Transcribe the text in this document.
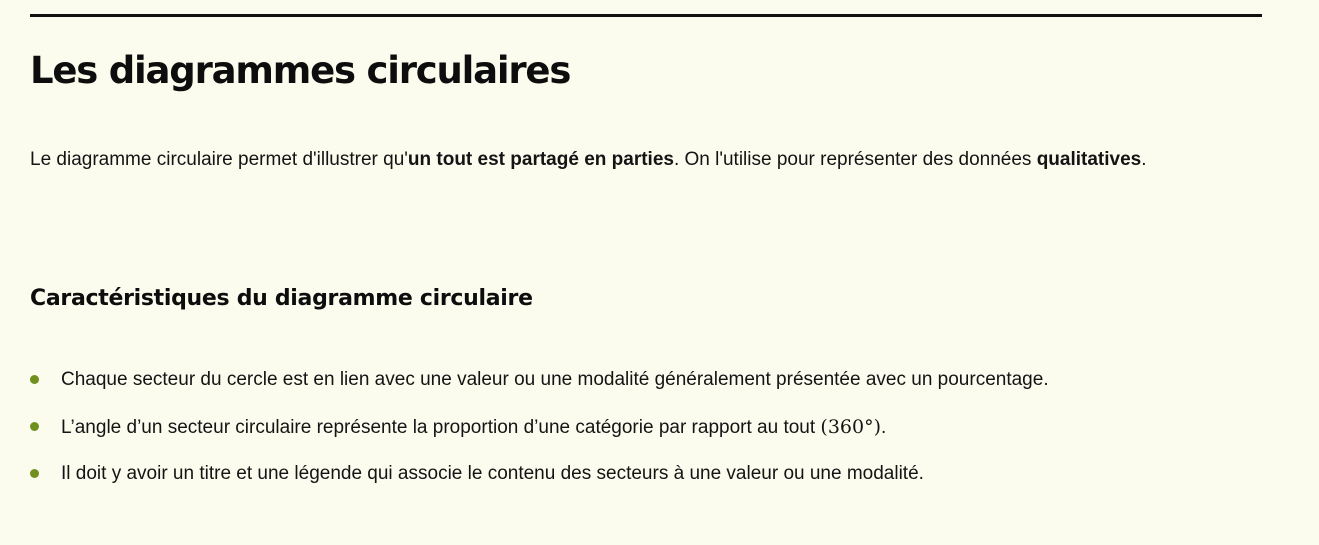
Les diagrammes circulaires

Le diagramme circulaire permet d'illustrer qu'un tout est partagé en parties. On l'utilise pour représenter des données qualitatives.

Caractéristiques du diagramme circulaire
Chaque secteur du cercle est en lien avec une valeur ou une modalité généralement présentée avec un pourcentage.
L’angle d’un secteur circulaire représente la proportion d’une catégorie par rapport au tout (360°).
Il doit y avoir un titre et une légende qui associe le contenu des secteurs à une valeur ou une modalité.
